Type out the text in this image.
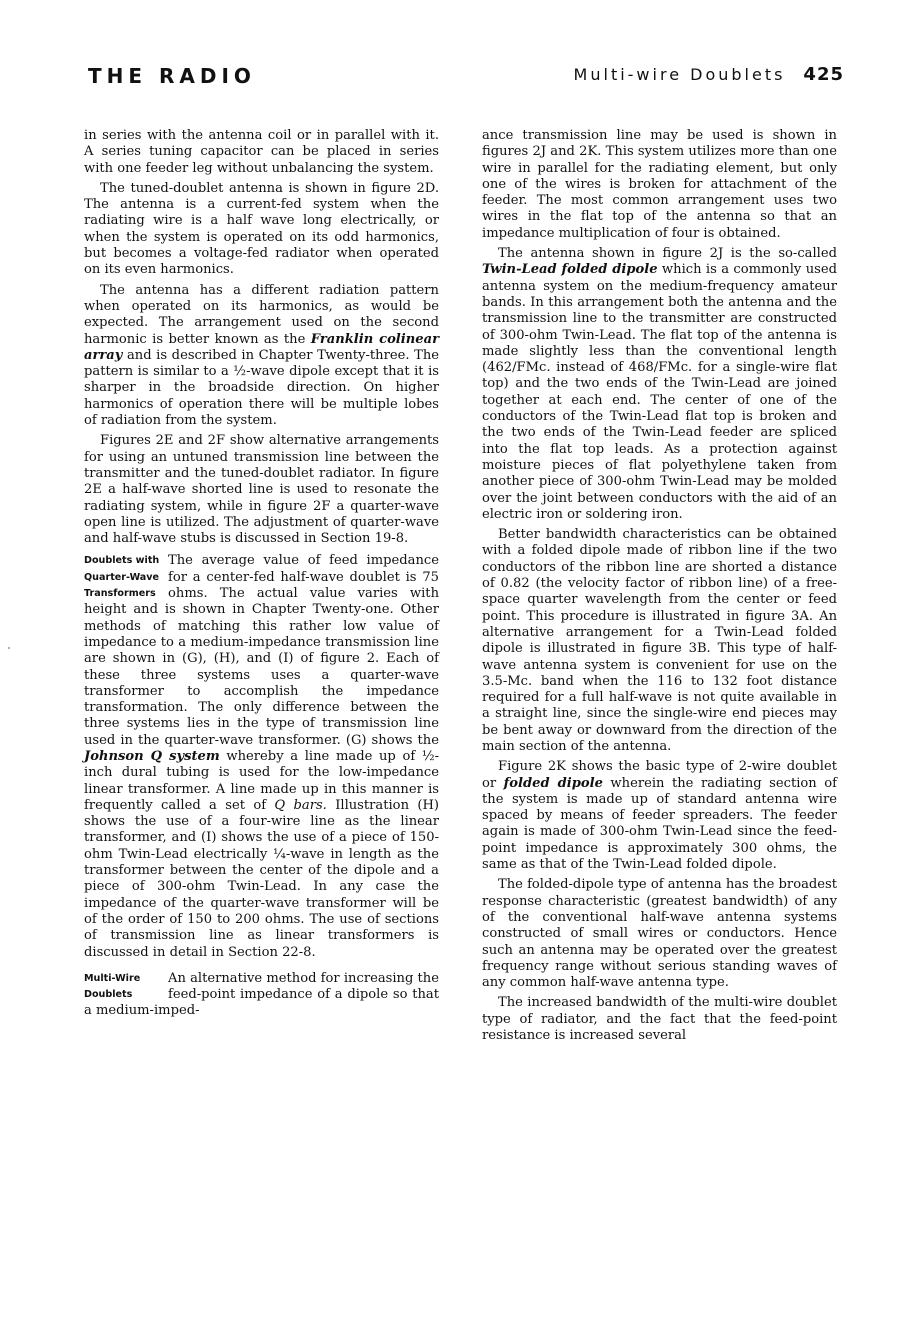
THE RADIO	Multi-wire Doublets 425

in series with the antenna coil or in parallel with it. A series tuning capacitor can be placed in series with one feeder leg without unbalancing the system.

The tuned-doublet antenna is shown in figure 2D. The antenna is a current-fed system when the radiating wire is a half wave long electrically, or when the system is operated on its odd harmonics, but becomes a voltage-fed radiator when operated on its even harmonics.

The antenna has a different radiation pattern when operated on its harmonics, as would be expected. The arrangement used on the second harmonic is better known as the Franklin colinear array and is described in Chapter Twenty-three. The pattern is similar to a ½-wave dipole except that it is sharper in the broadside direction. On higher harmonics of operation there will be multiple lobes of radiation from the system.

Figures 2E and 2F show alternative arrangements for using an untuned transmission line between the transmitter and the tuned-doublet radiator. In figure 2E a half-wave shorted line is used to resonate the radiating system, while in figure 2F a quarter-wave open line is utilized. The adjustment of quarter-wave and half-wave stubs is discussed in Section 19-8.

Doublets with
Quarter-Wave
Transformers

The average value of feed impedance for a center-fed half-wave doublet is 75 ohms. The actual value varies with height and is shown in Chapter Twenty-one. Other methods of matching this rather low value of impedance to a medium-impedance transmission line are shown in (G), (H), and (I) of figure 2. Each of these three systems uses a quarter-wave transformer to accomplish the impedance transformation. The only difference between the three systems lies in the type of transmission line used in the quarter-wave transformer. (G) shows the Johnson Q system whereby a line made up of ½-inch dural tubing is used for the low-impedance linear transformer. A line made up in this manner is frequently called a set of Q bars. Illustration (H) shows the use of a four-wire line as the linear transformer, and (I) shows the use of a piece of 150-ohm Twin-Lead electrically ¼-wave in length as the transformer between the center of the dipole and a piece of 300-ohm Twin-Lead. In any case the impedance of the quarter-wave transformer will be of the order of 150 to 200 ohms. The use of sections of transmission line as linear transformers is discussed in detail in Section 22-8.

Multi-Wire
Doublets

An alternative method for increasing the feed-point impedance of a dipole so that a medium-imped-

ance transmission line may be used is shown in figures 2J and 2K. This system utilizes more than one wire in parallel for the radiating element, but only one of the wires is broken for attachment of the feeder. The most common arrangement uses two wires in the flat top of the antenna so that an impedance multiplication of four is obtained.

The antenna shown in figure 2J is the so-called Twin-Lead folded dipole which is a commonly used antenna system on the medium-frequency amateur bands. In this arrangement both the antenna and the transmission line to the transmitter are constructed of 300-ohm Twin-Lead. The flat top of the antenna is made slightly less than the conventional length (462/FMc. instead of 468/FMc. for a single-wire flat top) and the two ends of the Twin-Lead are joined together at each end. The center of one of the conductors of the Twin-Lead flat top is broken and the two ends of the Twin-Lead feeder are spliced into the flat top leads. As a protection against moisture pieces of flat polyethylene taken from another piece of 300-ohm Twin-Lead may be molded over the joint between conductors with the aid of an electric iron or soldering iron.

Better bandwidth characteristics can be obtained with a folded dipole made of ribbon line if the two conductors of the ribbon line are shorted a distance of 0.82 (the velocity factor of ribbon line) of a free-space quarter wavelength from the center or feed point. This procedure is illustrated in figure 3A. An alternative arrangement for a Twin-Lead folded dipole is illustrated in figure 3B. This type of half-wave antenna system is convenient for use on the 3.5-Mc. band when the 116 to 132 foot distance required for a full half-wave is not quite available in a straight line, since the single-wire end pieces may be bent away or downward from the direction of the main section of the antenna.

Figure 2K shows the basic type of 2-wire doublet or folded dipole wherein the radiating section of the system is made up of standard antenna wire spaced by means of feeder spreaders. The feeder again is made of 300-ohm Twin-Lead since the feed-point impedance is approximately 300 ohms, the same as that of the Twin-Lead folded dipole.

The folded-dipole type of antenna has the broadest response characteristic (greatest bandwidth) of any of the conventional half-wave antenna systems constructed of small wires or conductors. Hence such an antenna may be operated over the greatest frequency range without serious standing waves of any common half-wave antenna type.

The increased bandwidth of the multi-wire doublet type of radiator, and the fact that the feed-point resistance is increased several
